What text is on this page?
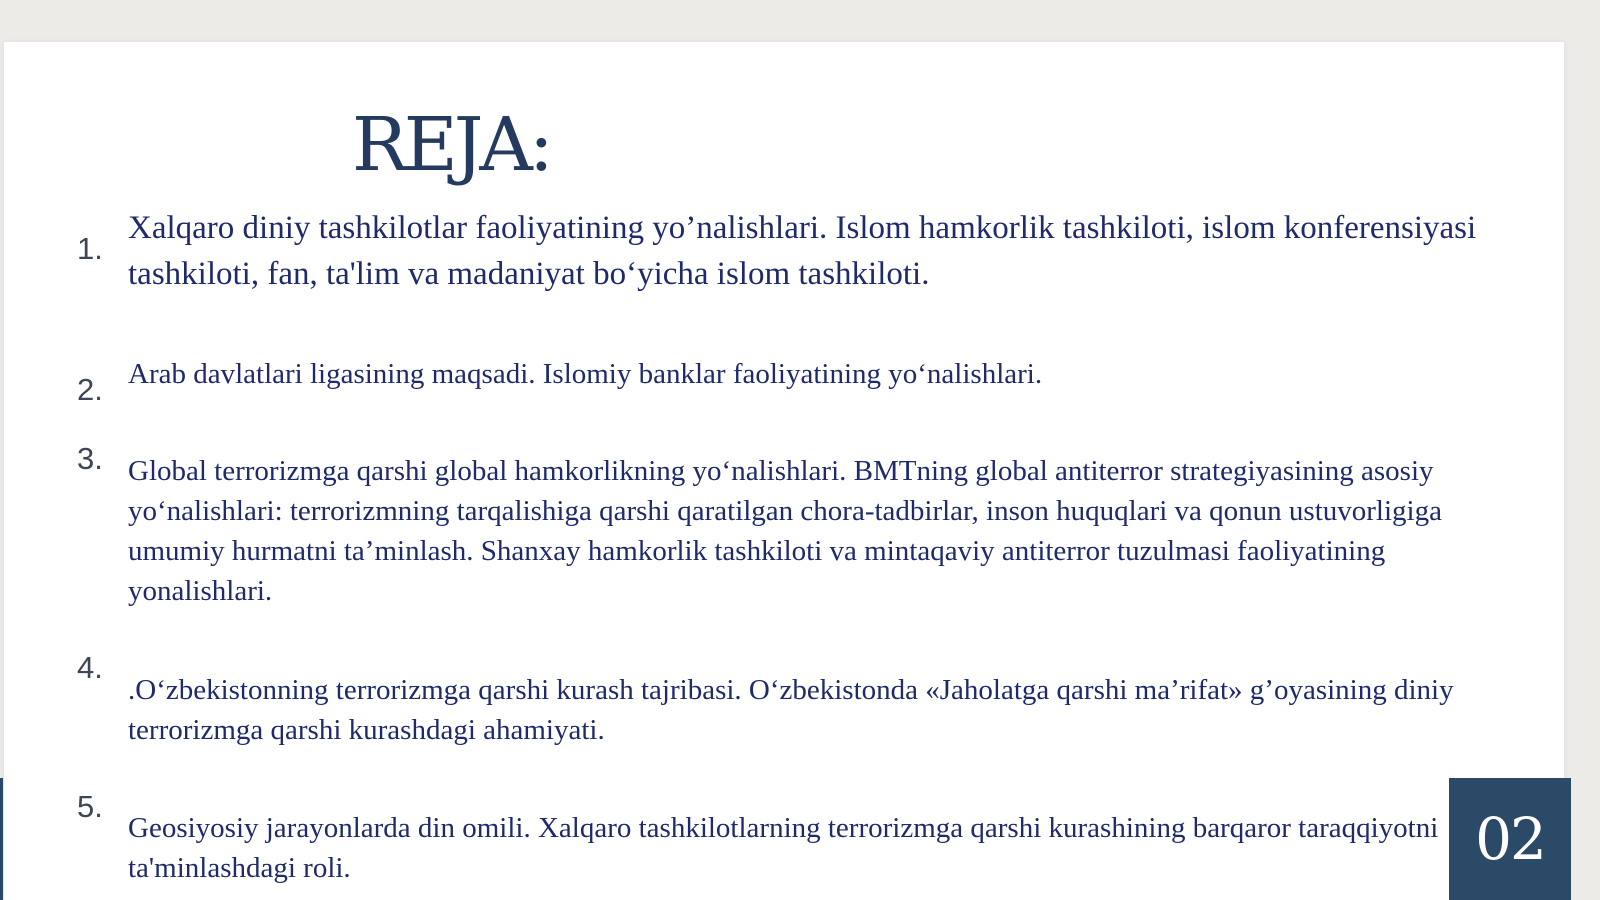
REJA:
1.

Xalqaro diniy tashkilotlar faoliyatining yo’nalishlari. Islom hamkorlik tashkiloti, islom konferensiyasi tashkiloti, fan, ta'lim va madaniyat bo‘yicha islom tashkiloti.

2. Arab davlatlari ligasining maqsadi. Islomiy banklar faoliyatining yo‘nalishlari.

3. Global terrorizmga qarshi global hamkorlikning yo‘nalishlari. BMTning global antiterror strategiyasining asosiy yo‘nalishlari: terrorizmning tarqalishiga qarshi qaratilgan chora-tadbirlar, inson huquqlari va qonun ustuvorligiga umumiy hurmatni ta’minlash. Shanxay hamkorlik tashkiloti va mintaqaviy antiterror tuzulmasi faoliyatining yonalishlari.

4.

.O‘zbekistonning terrorizmga qarshi kurash tajribasi. O‘zbekistonda «Jaholatga qarshi ma’rifat» g’oyasining diniy terrorizmga qarshi kurashdagi ahamiyati.

5.

Geosiyosiy jarayonlarda din omili. Xalqaro tashkilotlarning terrorizmga qarshi kurashining barqaror taraqqiyotni ta'minlashdagi roli.	02
